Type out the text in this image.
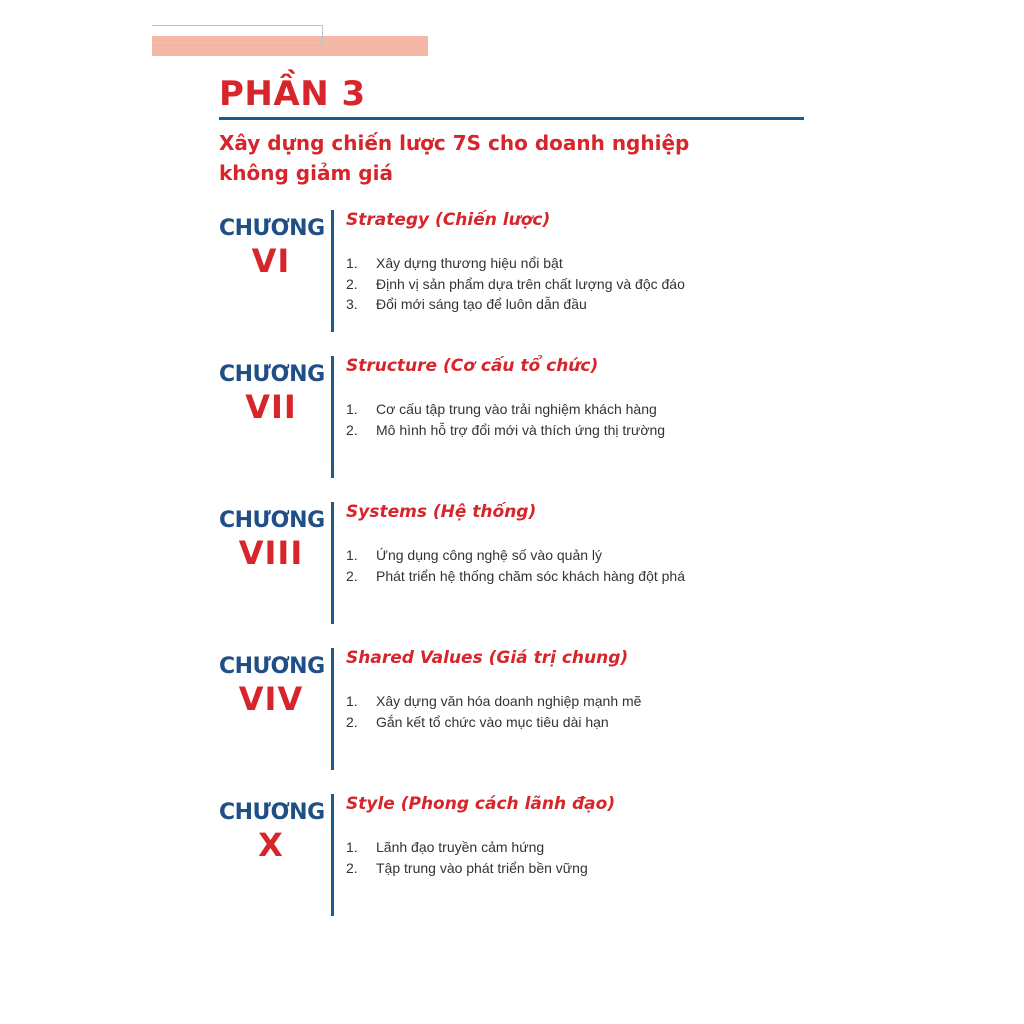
PHẦN 3
Xây dựng chiến lược 7S cho doanh nghiệp không giảm giá
CHƯƠNG
VI
Strategy (Chiến lược)
1. Xây dựng thương hiệu nổi bật
2. Định vị sản phẩm dựa trên chất lượng và độc đáo
3. Đổi mới sáng tạo để luôn dẫn đầu
CHƯƠNG
VII
Structure (Cơ cấu tổ chức)
1. Cơ cấu tập trung vào trải nghiệm khách hàng
2. Mô hình hỗ trợ đổi mới và thích ứng thị trường
CHƯƠNG
VIII
Systems (Hệ thống)
1. Ứng dụng công nghệ số vào quản lý
2. Phát triển hệ thống chăm sóc khách hàng đột phá
CHƯƠNG
VIV
Shared Values (Giá trị chung)
1. Xây dựng văn hóa doanh nghiệp mạnh mẽ
2. Gắn kết tổ chức vào mục tiêu dài hạn
CHƯƠNG
X
Style (Phong cách lãnh đạo)
1. Lãnh đạo truyền cảm hứng
2. Tập trung vào phát triển bền vững
